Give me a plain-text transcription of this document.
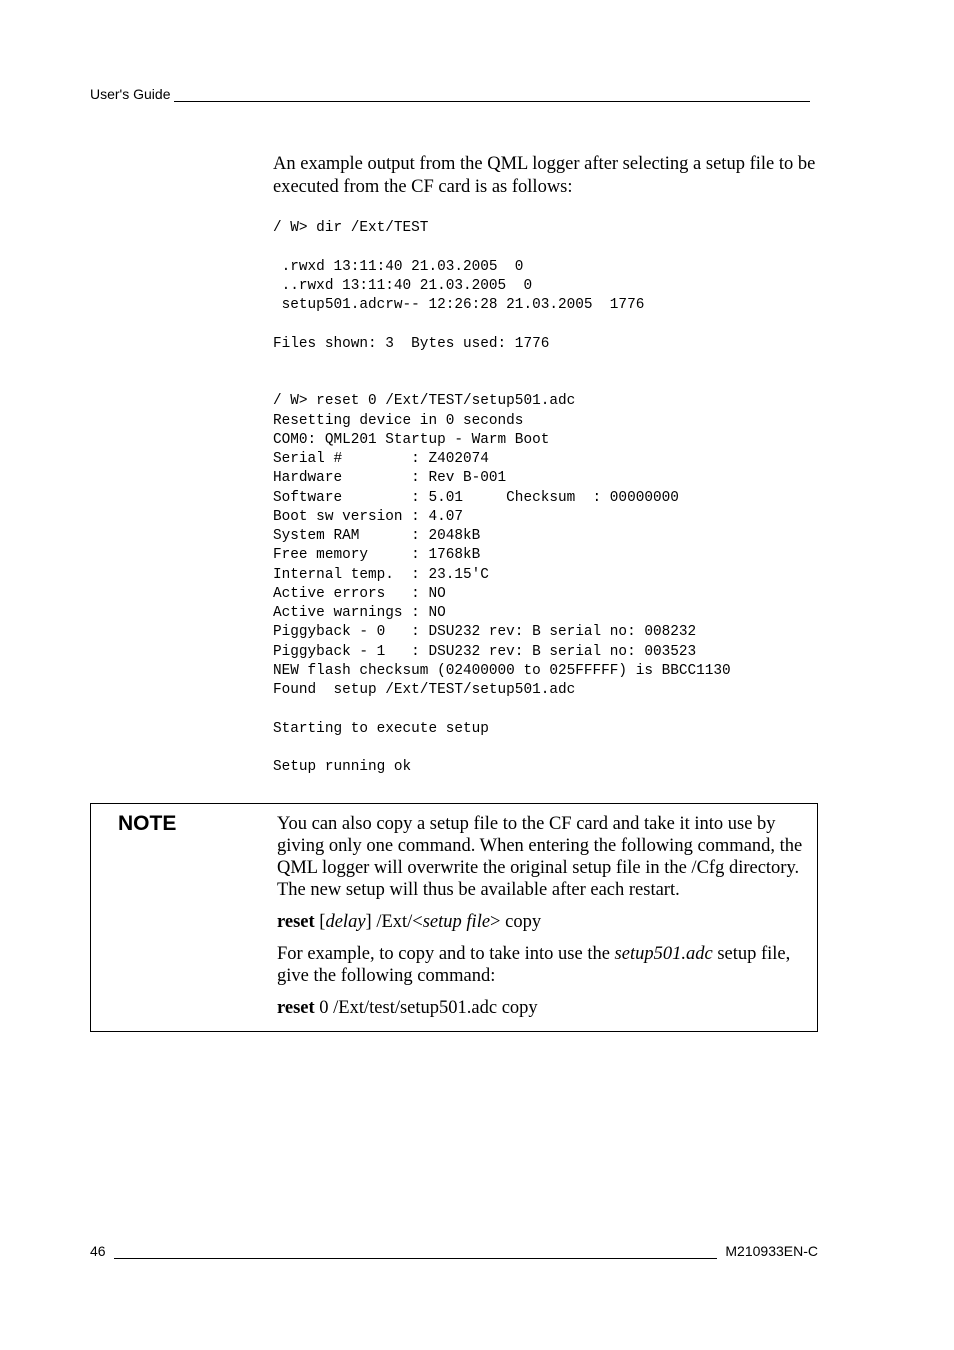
User's Guide

An example output from the QML logger after selecting a setup file to be executed from the CF card is as follows:

/ W> dir /Ext/TEST

.rwxd 13:11:40 21.03.2005  0
..rwxd 13:11:40 21.03.2005  0
setup501.adcrw-- 12:26:28 21.03.2005  1776

Files shown: 3  Bytes used: 1776

/ W> reset 0 /Ext/TEST/setup501.adc
Resetting device in 0 seconds
COM0: QML201 Startup - Warm Boot
Serial #        : Z402074
Hardware        : Rev B-001
Software        : 5.01     Checksum  : 00000000
Boot sw version : 4.07
System RAM      : 2048kB
Free memory     : 1768kB
Internal temp.  : 23.15'C
Active errors   : NO
Active warnings : NO
Piggyback - 0   : DSU232 rev: B serial no: 008232
Piggyback - 1   : DSU232 rev: B serial no: 003523
NEW flash checksum (02400000 to 025FFFFF) is BBCC1130
Found  setup /Ext/TEST/setup501.adc

Starting to execute setup

Setup running ok
NOTE	You can also copy a setup file to the CF card and take it into use by giving only one command. When entering the following command, the QML logger will overwrite the original setup file in the /Cfg directory. The new setup will thus be available after each restart.

reset [delay] /Ext/<setup file> copy

For example, to copy and to take into use the setup501.adc setup file, give the following command:

reset 0 /Ext/test/setup501.adc copy

46	M210933EN-C
